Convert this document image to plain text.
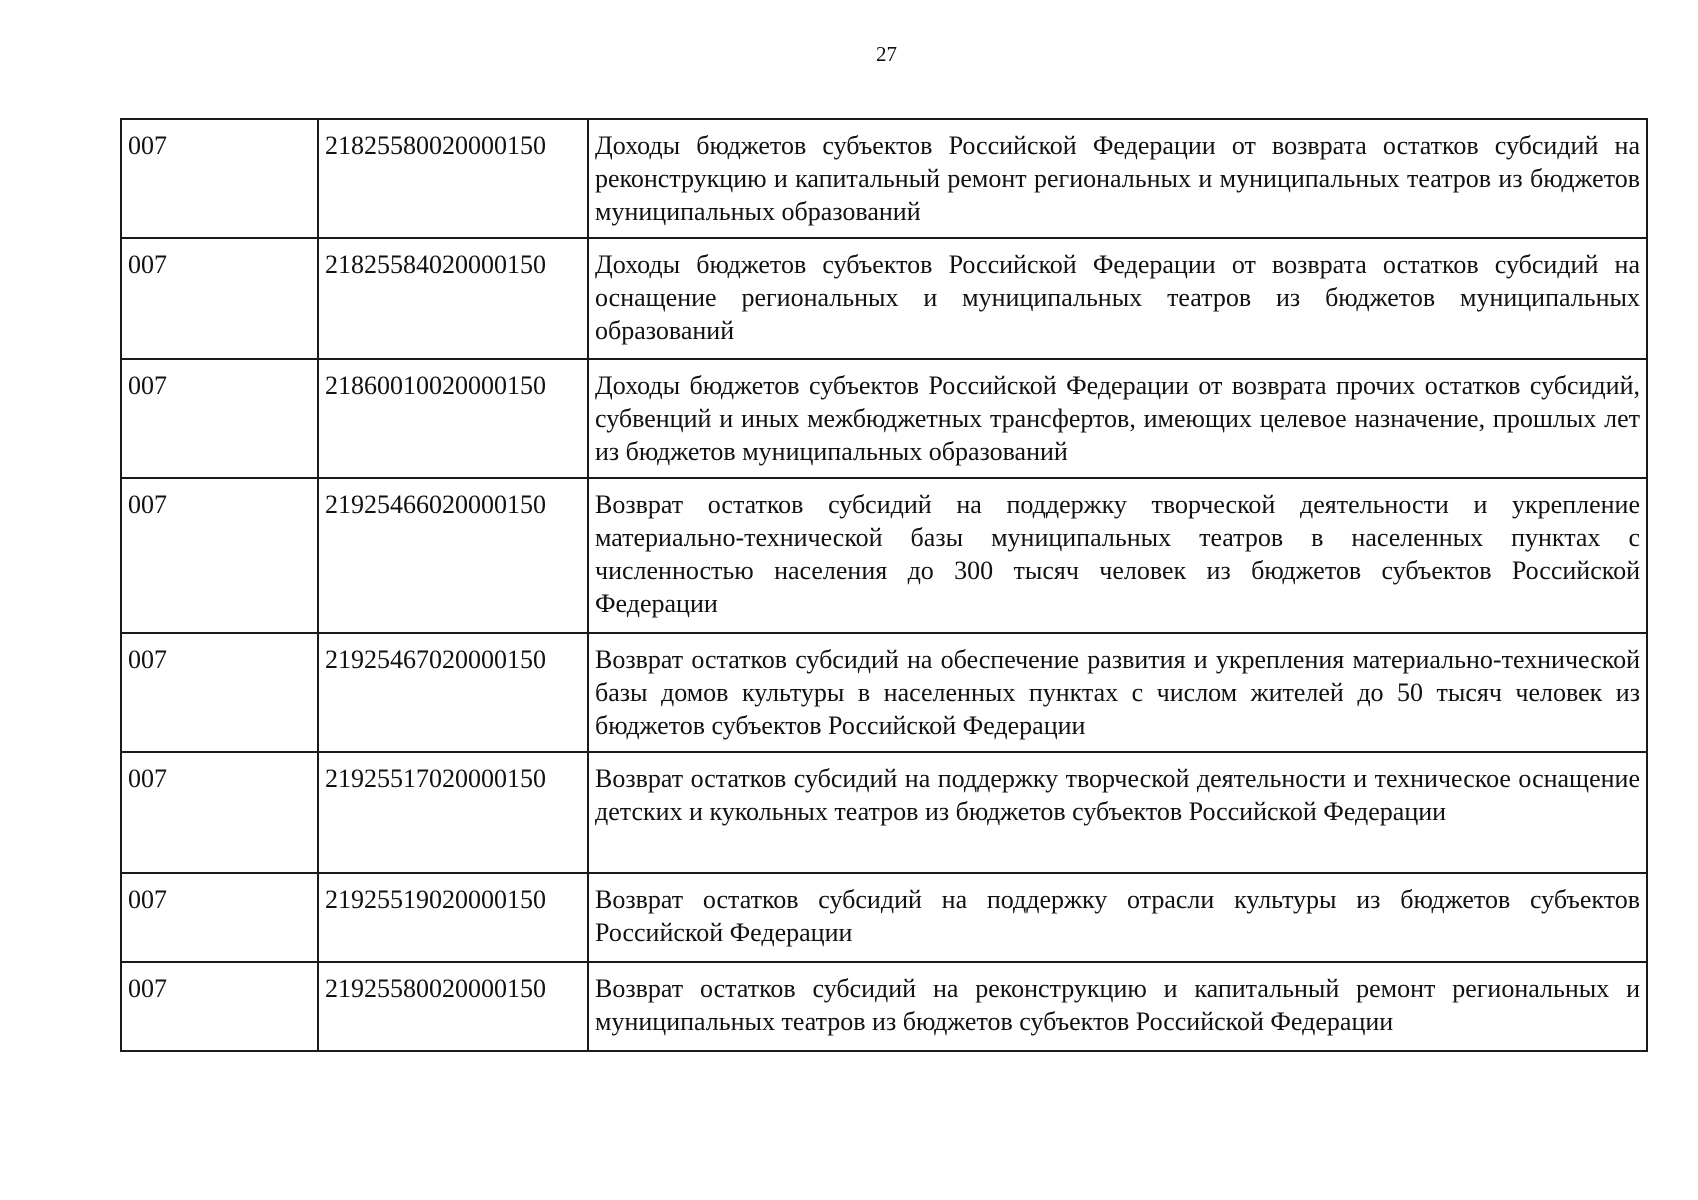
27
007	21825580020000150	Доходы бюджетов субъектов Российской Федерации от возврата остатков субсидий на реконструкцию и капитальный ремонт региональных и муниципальных театров из бюджетов муниципальных образований
007	21825584020000150	Доходы бюджетов субъектов Российской Федерации от возврата остатков субсидий на оснащение региональных и муниципальных театров из бюджетов муниципальных образований
007	21860010020000150	Доходы бюджетов субъектов Российской Федерации от возврата прочих остатков субсидий, субвенций и иных межбюджетных трансфертов, имеющих целевое назначение, прошлых лет из бюджетов муниципальных образований
007	21925466020000150	Возврат остатков субсидий на поддержку творческой деятельности и укрепление материально-технической базы муниципальных театров в населенных пунктах с численностью населения до 300 тысяч человек из бюджетов субъектов Российской Федерации
007	21925467020000150	Возврат остатков субсидий на обеспечение развития и укрепления материально-технической базы домов культуры в населенных пунктах с числом жителей до 50 тысяч человек из бюджетов субъектов Российской Федерации
007	21925517020000150	Возврат остатков субсидий на поддержку творческой деятельности и техническое оснащение детских и кукольных театров из бюджетов субъектов Российской Федерации
007	21925519020000150	Возврат остатков субсидий на поддержку отрасли культуры из бюджетов субъектов Российской Федерации
007	21925580020000150	Возврат остатков субсидий на реконструкцию и капитальный ремонт региональных и муниципальных театров из бюджетов субъектов Российской Федерации
